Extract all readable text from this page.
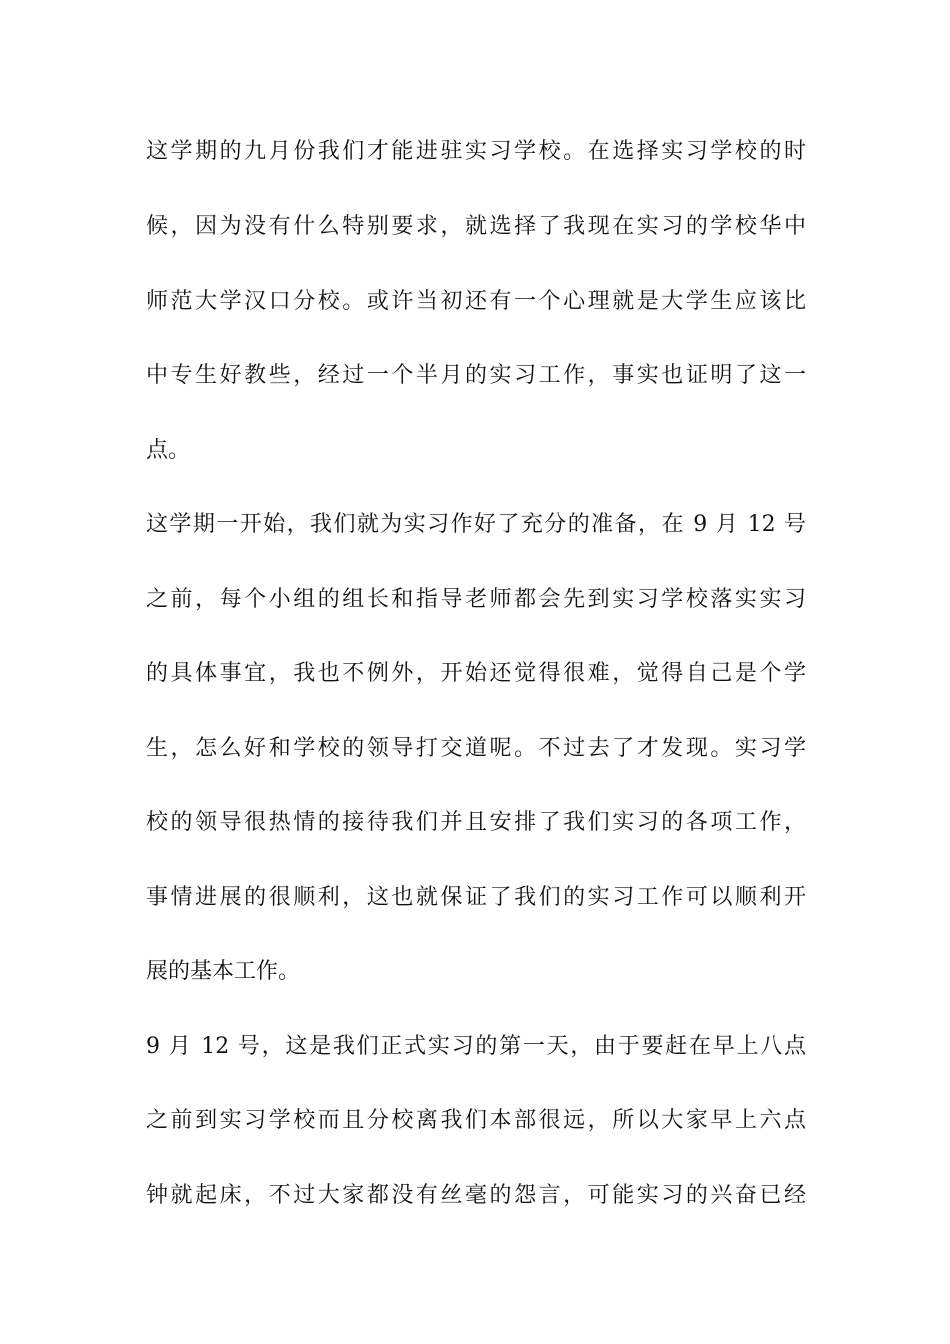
这学期的九月份我们才能进驻实习学校。在选择实习学校的时
候，因为没有什么特别要求，就选择了我现在实习的学校华中
师范大学汉口分校。或许当初还有一个心理就是大学生应该比
中专生好教些，经过一个半月的实习工作，事实也证明了这一
点。
这学期一开始，我们就为实习作好了充分的准备，在 9 月 12 号
之前，每个小组的组长和指导老师都会先到实习学校落实实习
的具体事宜，我也不例外，开始还觉得很难，觉得自己是个学
生，怎么好和学校的领导打交道呢。不过去了才发现。实习学
校的领导很热情的接待我们并且安排了我们实习的各项工作，
事情进展的很顺利，这也就保证了我们的实习工作可以顺利开
展的基本工作。
9 月 12 号，这是我们正式实习的第一天，由于要赶在早上八点
之前到实习学校而且分校离我们本部很远，所以大家早上六点
钟就起床，不过大家都没有丝毫的怨言，可能实习的兴奋已经
